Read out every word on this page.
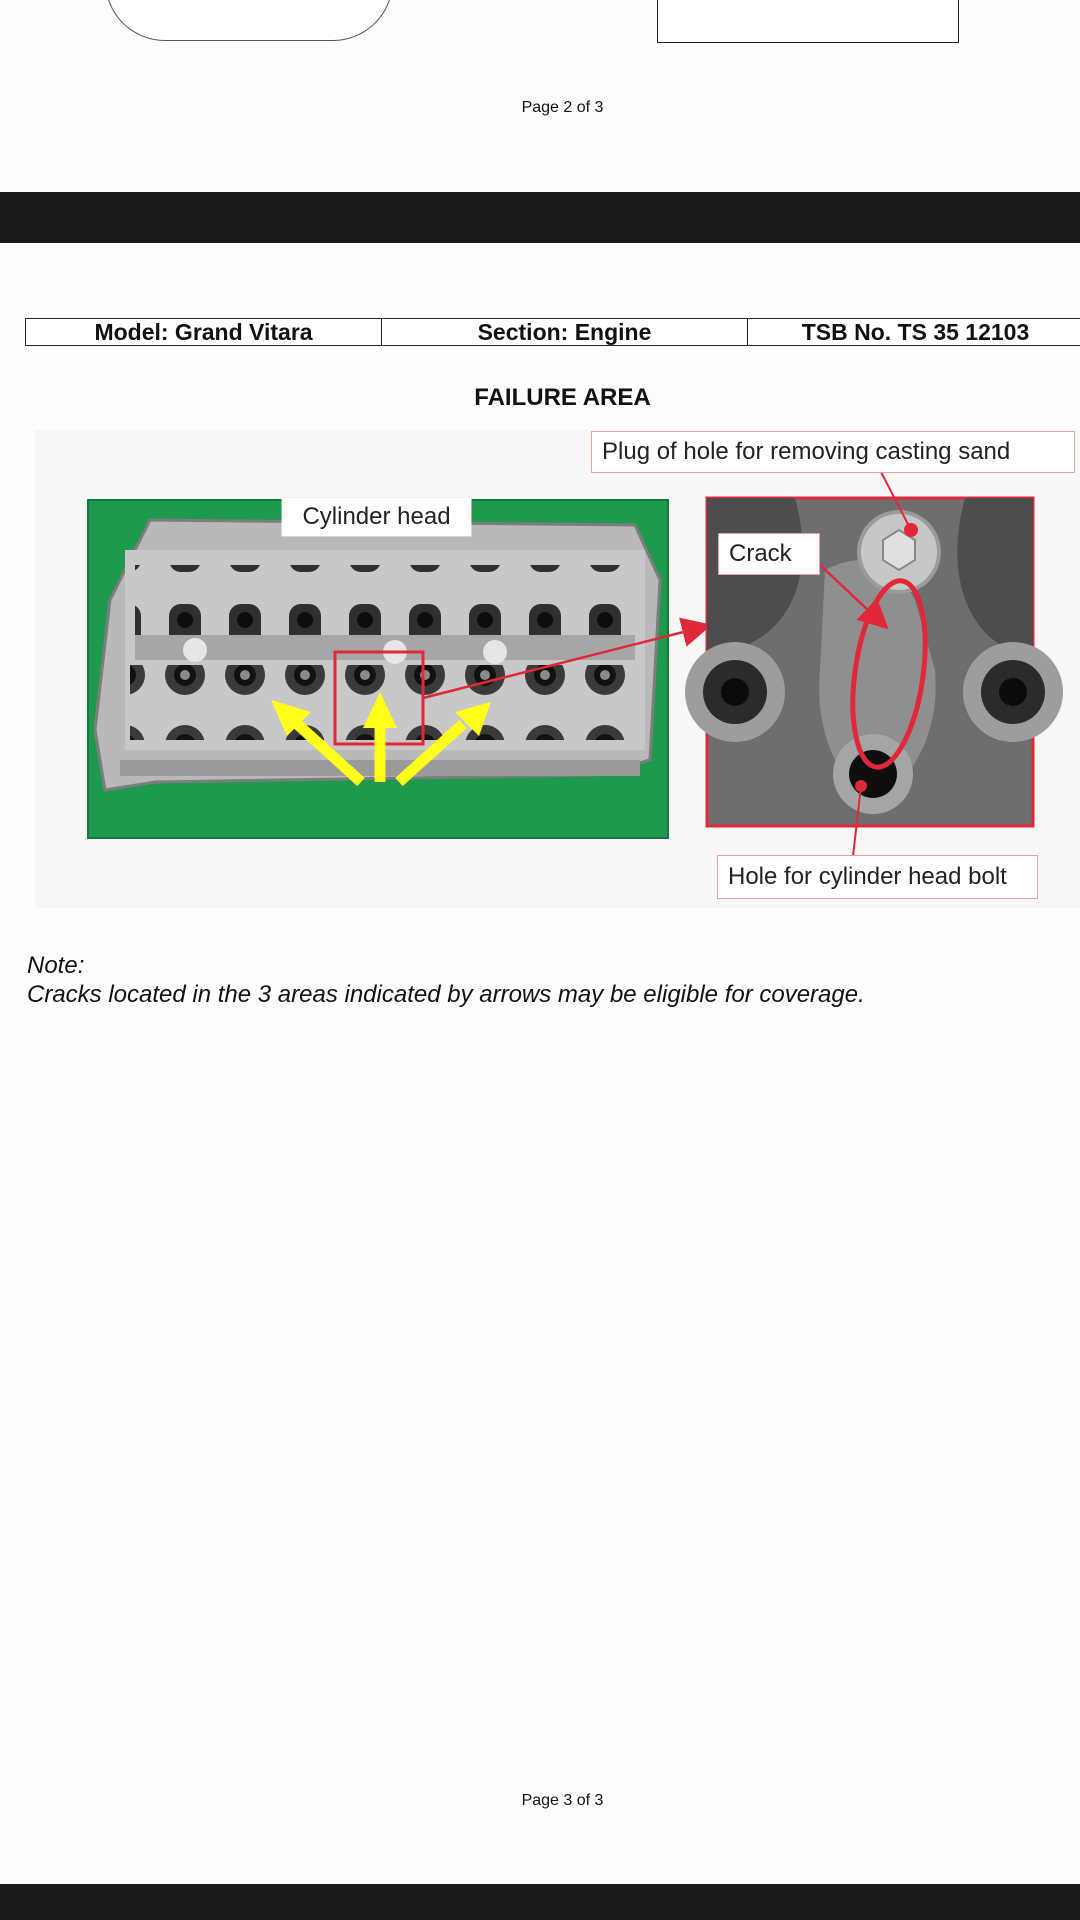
Page 2 of 3
Model: Grand Vitara	Section: Engine	TSB No. TS 35 12103
FAILURE AREA
Plug of hole for removing casting sand
Cylinder head
Crack
Hole for cylinder head bolt
Note:
Cracks located in the 3 areas indicated by arrows may be eligible for coverage.
Page 3 of 3
